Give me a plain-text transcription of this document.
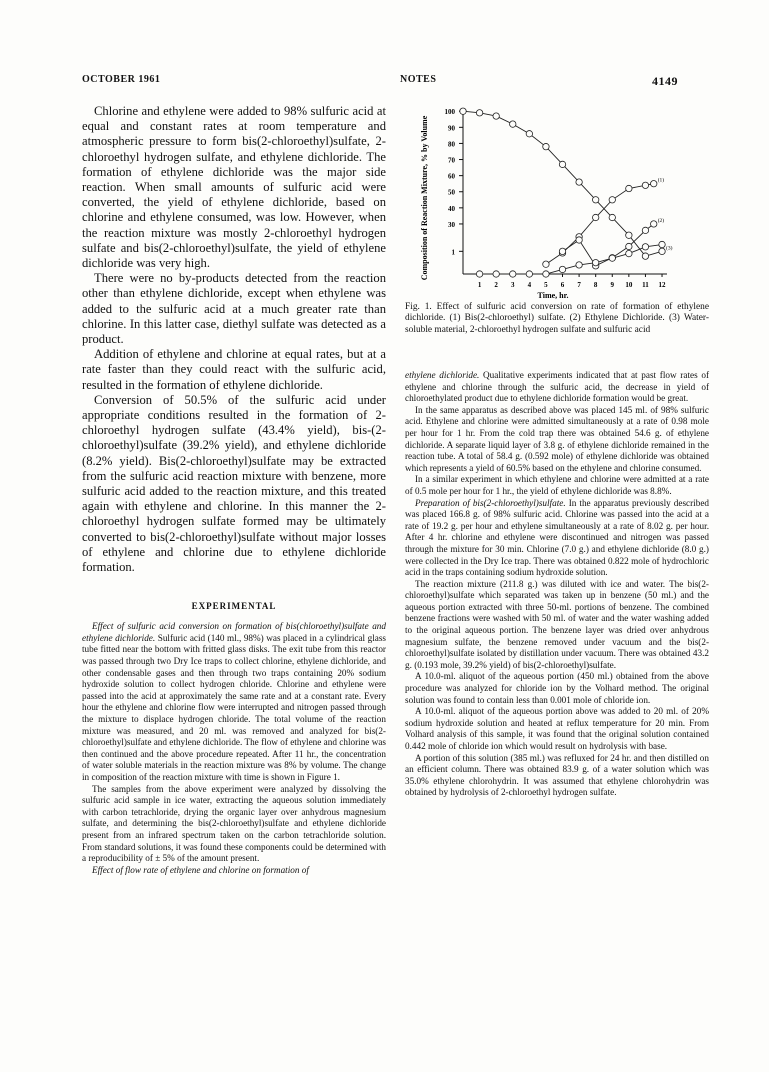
OCTOBER 1961	NOTES	4149

Chlorine and ethylene were added to 98% sulfuric acid at equal and constant rates at room temperature and atmospheric pressure to form bis(2-chloroethyl)sulfate, 2-chloroethyl hydrogen sulfate, and ethylene dichloride. The formation of ethylene dichloride was the major side reaction. When small amounts of sulfuric acid were converted, the yield of ethylene dichloride, based on chlorine and ethylene consumed, was low. However, when the reaction mixture was mostly 2-chloroethyl hydrogen sulfate and bis(2-chloroethyl)sulfate, the yield of ethylene dichloride was very high.

There were no by-products detected from the reaction other than ethylene dichloride, except when ethylene was added to the sulfuric acid at a much greater rate than chlorine. In this latter case, diethyl sulfate was detected as a product.

Addition of ethylene and chlorine at equal rates, but at a rate faster than they could react with the sulfuric acid, resulted in the formation of ethylene dichloride.

Conversion of 50.5% of the sulfuric acid under appropriate conditions resulted in the formation of 2-chloroethyl hydrogen sulfate (43.4% yield), bis-(2-chloroethyl)sulfate (39.2% yield), and ethylene dichloride (8.2% yield). Bis(2-chloroethyl)sulfate may be extracted from the sulfuric acid reaction mixture with benzene, more sulfuric acid added to the reaction mixture, and this treated again with ethylene and chlorine. In this manner the 2-chloroethyl hydrogen sulfate formed may be ultimately converted to bis(2-chloroethyl)sulfate without major losses of ethylene and chlorine due to ethylene dichloride formation.

EXPERIMENTAL

Effect of sulfuric acid conversion on formation of bis(chloroethyl)sulfate and ethylene dichloride. Sulfuric acid (140 ml., 98%) was placed in a cylindrical glass tube fitted near the bottom with fritted glass disks. The exit tube from this reactor was passed through two Dry Ice traps to collect chlorine, ethylene dichloride, and other condensable gases and then through two traps containing 20% sodium hydroxide solution to collect hydrogen chloride. Chlorine and ethylene were passed into the acid at approximately the same rate and at a constant rate. Every hour the ethylene and chlorine flow were interrupted and nitrogen passed through the mixture to displace hydrogen chloride. The total volume of the reaction mixture was measured, and 20 ml. was removed and analyzed for bis(2-chloroethyl)sulfate and ethylene dichloride. The flow of ethylene and chlorine was then continued and the above procedure repeated. After 11 hr., the concentration of water soluble materials in the reaction mixture was 8% by volume. The change in composition of the reaction mixture with time is shown in Figure 1.

The samples from the above experiment were analyzed by dissolving the sulfuric acid sample in ice water, extracting the aqueous solution immediately with carbon tetrachloride, drying the organic layer over anhydrous magnesium sulfate, and determining the bis(2-chloroethyl)sulfate and ethylene dichloride present from an infrared spectrum taken on the carbon tetrachloride solution. From standard solutions, it was found these components could be determined with a reproducibility of ± 5% of the amount present.

Effect of flow rate of ethylene and chlorine on formation of

Composition of Reaction Mixture, % by Volume
Time, hr.
1
30
40
50
60
70
80
90
100
1 2 3 4 5 6 7 8 9 10 11 12
(1)
(2)
(3)
Fig. 1. Effect of sulfuric acid conversion on rate of formation of ethylene dichloride. (1) Bis(2-chloroethyl) sulfate. (2) Ethylene Dichloride. (3) Water-soluble material, 2-chloroethyl hydrogen sulfate and sulfuric acid

ethylene dichloride. Qualitative experiments indicated that at past flow rates of ethylene and chlorine through the sulfuric acid, the decrease in yield of chloroethylated product due to ethylene dichloride formation would be great.

In the same apparatus as described above was placed 145 ml. of 98% sulfuric acid. Ethylene and chlorine were admitted simultaneously at a rate of 0.98 mole per hour for 1 hr. From the cold trap there was obtained 54.6 g. of ethylene dichloride. A separate liquid layer of 3.8 g. of ethylene dichloride remained in the reaction tube. A total of 58.4 g. (0.592 mole) of ethylene dichloride was obtained which represents a yield of 60.5% based on the ethylene and chlorine consumed.

In a similar experiment in which ethylene and chlorine were admitted at a rate of 0.5 mole per hour for 1 hr., the yield of ethylene dichloride was 8.8%.

Preparation of bis(2-chloroethyl)sulfate. In the apparatus previously described was placed 166.8 g. of 98% sulfuric acid. Chlorine was passed into the acid at a rate of 19.2 g. per hour and ethylene simultaneously at a rate of 8.02 g. per hour. After 4 hr. chlorine and ethylene were discontinued and nitrogen was passed through the mixture for 30 min. Chlorine (7.0 g.) and ethylene dichloride (8.0 g.) were collected in the Dry Ice trap. There was obtained 0.822 mole of hydrochloric acid in the traps containing sodium hydroxide solution.

The reaction mixture (211.8 g.) was diluted with ice and water. The bis(2-chloroethyl)sulfate which separated was taken up in benzene (50 ml.) and the aqueous portion extracted with three 50-ml. portions of benzene. The combined benzene fractions were washed with 50 ml. of water and the water washing added to the original aqueous portion. The benzene layer was dried over anhydrous magnesium sulfate, the benzene removed under vacuum and the bis(2-chloroethyl)sulfate isolated by distillation under vacuum. There was obtained 43.2 g. (0.193 mole, 39.2% yield) of bis(2-chloroethyl)sulfate.

A 10.0-ml. aliquot of the aqueous portion (450 ml.) obtained from the above procedure was analyzed for chloride ion by the Volhard method. The original solution was found to contain less than 0.001 mole of chloride ion.

A 10.0-ml. aliquot of the aqueous portion above was added to 20 ml. of 20% sodium hydroxide solution and heated at reflux temperature for 20 min. From Volhard analysis of this sample, it was found that the original solution contained 0.442 mole of chloride ion which would result on hydrolysis with base.

A portion of this solution (385 ml.) was refluxed for 24 hr. and then distilled on an efficient column. There was obtained 83.9 g. of a water solution which was 35.0% ethylene chlorohydrin. It was assumed that ethylene chlorohydrin was obtained by hydrolysis of 2-chloroethyl hydrogen sulfate.
